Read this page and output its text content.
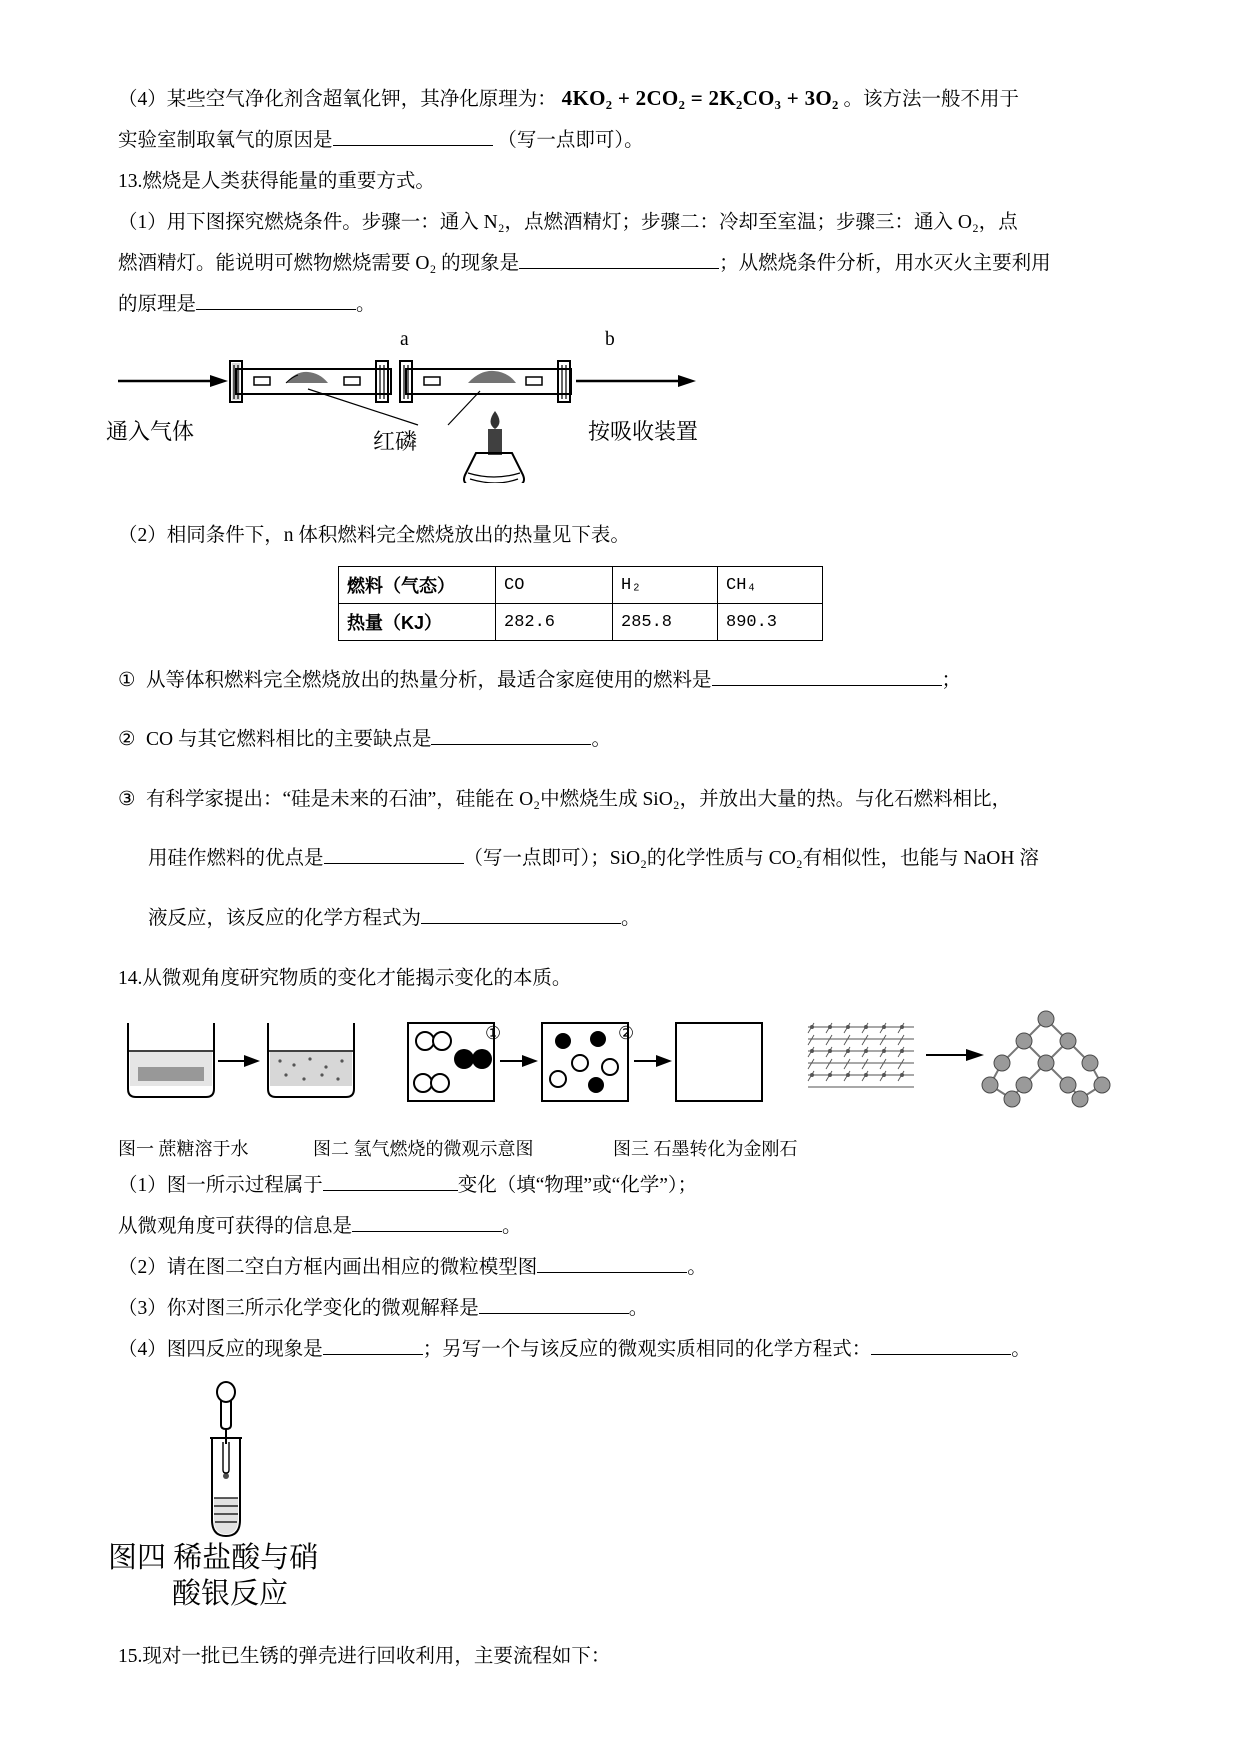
（4）某些空气净化剂含超氧化钾，其净化原理为： 4KO₂ + 2CO₂ = 2K₂CO₃ + 3O₂ 。该方法一般不用于

实验室制取氧气的原因是	（写一点即可）。

13.燃烧是人类获得能量的重要方式。

（1）用下图探究燃烧条件。步骤一：通入 N₂，点燃酒精灯；步骤二：冷却至室温；步骤三：通入 O₂，点

燃酒精灯。能说明可燃物燃烧需要 O₂ 的现象是	；从燃烧条件分析，用水灭火主要利用

的原理是	。

a	b
通入气体	红磷	按吸收装置

（2）相同条件下，n 体积燃料完全燃烧放出的热量见下表。

燃料（气态）	CO	H₂	CH₄
热量（KJ）	282.6	285.8	890.3

① 从等体积燃料完全燃烧放出的热量分析，最适合家庭使用的燃料是	；

② CO 与其它燃料相比的主要缺点是	。

③ 有科学家提出：“硅是未来的石油”，硅能在 O₂中燃烧生成 SiO₂，并放出大量的热。与化石燃料相比，

用硅作燃料的优点是	（写一点即可）；SiO₂的化学性质与 CO₂有相似性，也能与 NaOH 溶

液反应，该反应的化学方程式为	。

14.从微观角度研究物质的变化才能揭示变化的本质。

①	②
图一 蔗糖溶于水	图二 氢气燃烧的微观示意图	图三 石墨转化为金刚石

（1）图一所示过程属于	变化（填“物理”或“化学”）；

从微观角度可获得的信息是	。

（2）请在图二空白方框内画出相应的微粒模型图	。

（3）你对图三所示化学变化的微观解释是	。

（4）图四反应的现象是	；另写一个与该反应的微观实质相同的化学方程式：	。

图四 稀盐酸与硝
酸银反应

15.现对一批已生锈的弹壳进行回收利用，主要流程如下：
